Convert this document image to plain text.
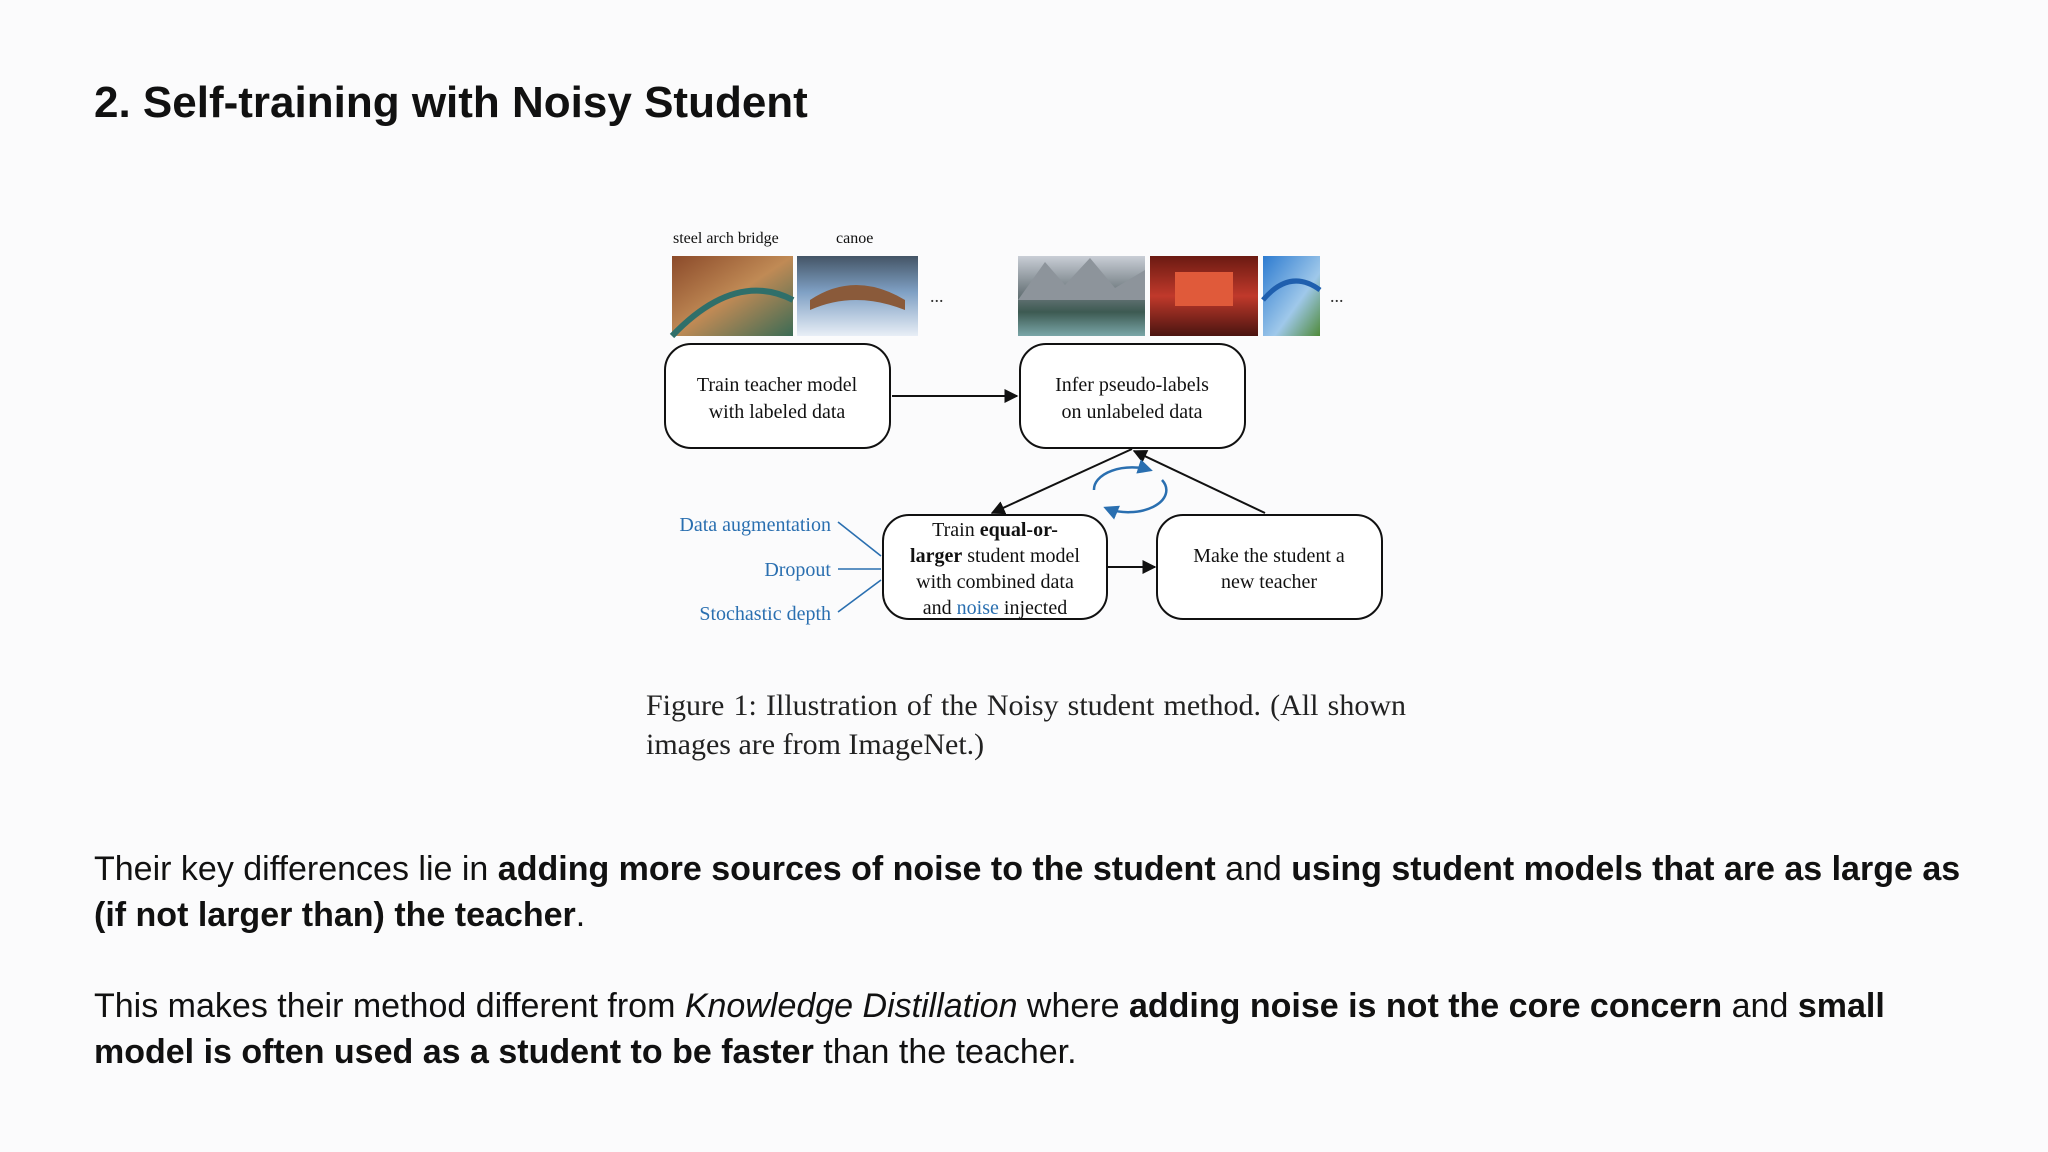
2. Self-training with Noisy Student
steel arch bridge	canoe
...	...
Train teacher model
with labeled data
Infer pseudo-labels
on unlabeled data
Train equal-or-
larger student model
with combined data
and noise injected
Make the student a
new teacher
Data augmentation
Dropout
Stochastic depth
Figure 1: Illustration of the Noisy student method. (All shown images are from ImageNet.)

Their key differences lie in adding more sources of noise to the student and using student models that are as large as (if not larger than) the teacher.

This makes their method different from Knowledge Distillation where adding noise is not the core concern and small model is often used as a student to be faster than the teacher.
